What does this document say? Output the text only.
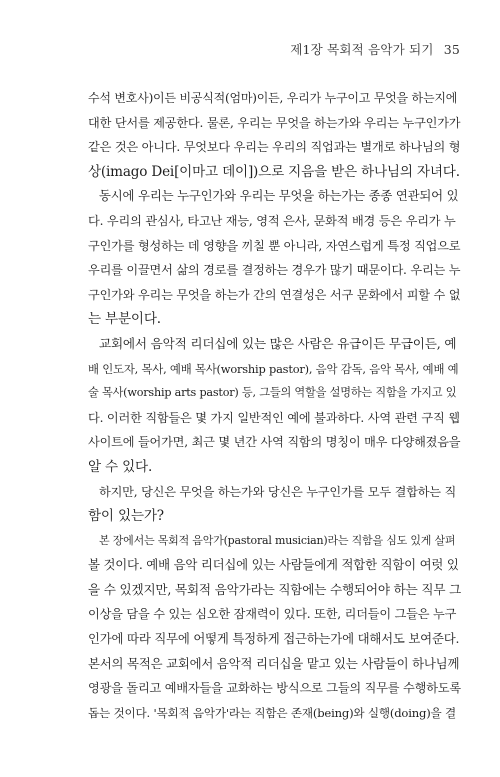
제1장 목회적 음악가 되기 35
수석 변호사)이든 비공식적(엄마)이든, 우리가 누구이고 무엇을 하는지에
대한 단서를 제공한다. 물론, 우리는 무엇을 하는가와 우리는 누구인가가
같은 것은 아니다. 무엇보다 우리는 우리의 직업과는 별개로 하나님의 형
상(imago Dei[이마고 데이])으로 지음을 받은 하나님의 자녀다.
동시에 우리는 누구인가와 우리는 무엇을 하는가는 종종 연관되어 있
다. 우리의 관심사, 타고난 재능, 영적 은사, 문화적 배경 등은 우리가 누
구인가를 형성하는 데 영향을 끼칠 뿐 아니라, 자연스럽게 특정 직업으로
우리를 이끌면서 삶의 경로를 결정하는 경우가 많기 때문이다. 우리는 누
구인가와 우리는 무엇을 하는가 간의 연결성은 서구 문화에서 피할 수 없
는 부분이다.
교회에서 음악적 리더십에 있는 많은 사람은 유급이든 무급이든, 예
배 인도자, 목사, 예배 목사(worship pastor), 음악 감독, 음악 목사, 예배 예
술 목사(worship arts pastor) 등, 그들의 역할을 설명하는 직함을 가지고 있
다. 이러한 직함들은 몇 가지 일반적인 예에 불과하다. 사역 관련 구직 웹
사이트에 들어가면, 최근 몇 년간 사역 직함의 명칭이 매우 다양해졌음을
알 수 있다.
하지만, 당신은 무엇을 하는가와 당신은 누구인가를 모두 결합하는 직
함이 있는가?
본 장에서는 목회적 음악가(pastoral musician)라는 직함을 심도 있게 살펴
볼 것이다. 예배 음악 리더십에 있는 사람들에게 적합한 직함이 여럿 있
을 수 있겠지만, 목회적 음악가라는 직함에는 수행되어야 하는 직무 그
이상을 담을 수 있는 심오한 잠재력이 있다. 또한, 리더들이 그들은 누구
인가에 따라 직무에 어떻게 특정하게 접근하는가에 대해서도 보여준다.
본서의 목적은 교회에서 음악적 리더십을 맡고 있는 사람들이 하나님께
영광을 돌리고 예배자들을 교화하는 방식으로 그들의 직무를 수행하도록
돕는 것이다. '목회적 음악가'라는 직함은 존재(being)와 실행(doing)을 결
